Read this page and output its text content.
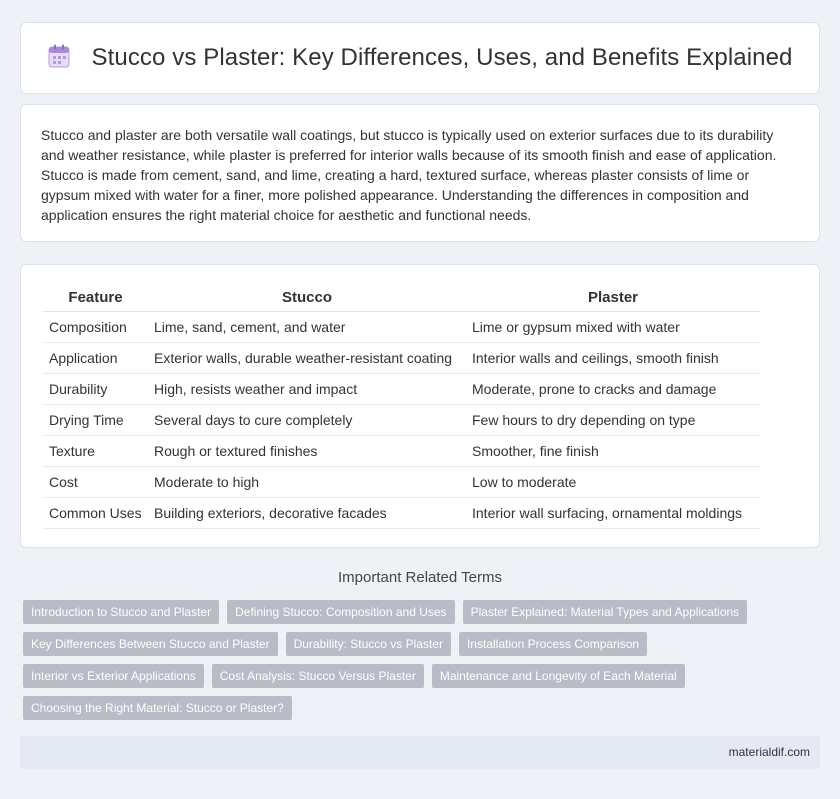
Stucco vs Plaster: Key Differences, Uses, and Benefits Explained

Stucco and plaster are both versatile wall coatings, but stucco is typically used on exterior surfaces due to its durability and weather resistance, while plaster is preferred for interior walls because of its smooth finish and ease of application. Stucco is made from cement, sand, and lime, creating a hard, textured surface, whereas plaster consists of lime or gypsum mixed with water for a finer, more polished appearance. Understanding the differences in composition and application ensures the right material choice for aesthetic and functional needs.

Feature	Stucco	Plaster
Composition	Lime, sand, cement, and water	Lime or gypsum mixed with water
Application	Exterior walls, durable weather-resistant coating	Interior walls and ceilings, smooth finish
Durability	High, resists weather and impact	Moderate, prone to cracks and damage
Drying Time	Several days to cure completely	Few hours to dry depending on type
Texture	Rough or textured finishes	Smoother, fine finish
Cost	Moderate to high	Low to moderate
Common Uses	Building exteriors, decorative facades	Interior wall surfacing, ornamental moldings
Important Related Terms
Introduction to Stucco and Plaster	Defining Stucco: Composition and Uses	Plaster Explained: Material Types and Applications
Key Differences Between Stucco and Plaster	Durability: Stucco vs Plaster	Installation Process Comparison
Interior vs Exterior Applications	Cost Analysis: Stucco Versus Plaster	Maintenance and Longevity of Each Material
Choosing the Right Material: Stucco or Plaster?
materialdif.com
